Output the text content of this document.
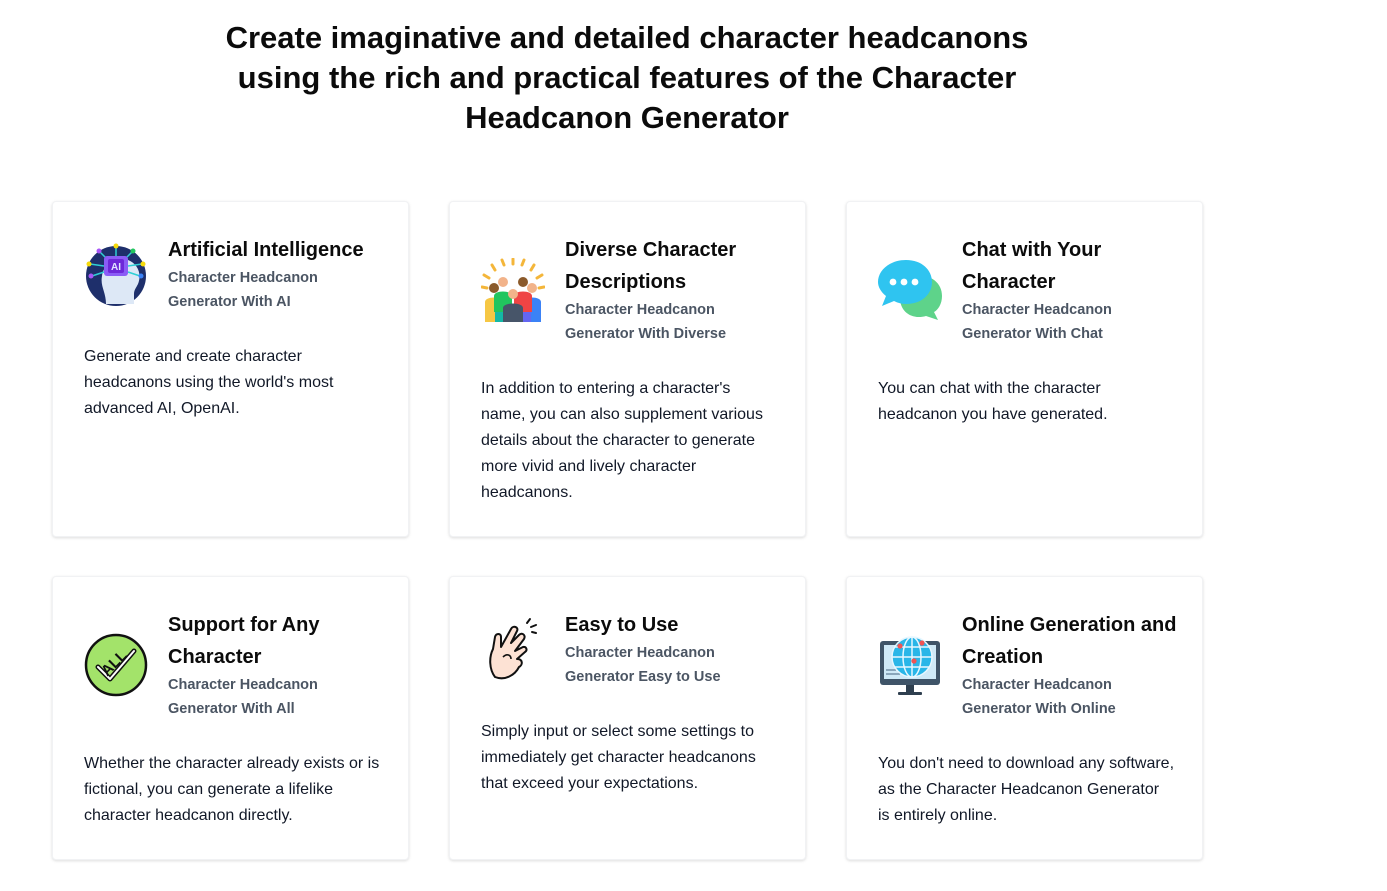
Create imaginative and detailed character headcanons using the rich and practical features of the Character Headcanon Generator
AI
Artificial Intelligence
Character Headcanon Generator With AI

Generate and create character headcanons using the world's most advanced AI, OpenAI.

Diverse Character Descriptions
Character Headcanon Generator With Diverse

In addition to entering a character's name, you can also supplement various details about the character to generate more vivid and lively character headcanons.

Chat with Your Character
Character Headcanon Generator With Chat

You can chat with the character headcanon you have generated.

ALL
Support for Any Character
Character Headcanon Generator With All

Whether the character already exists or is fictional, you can generate a lifelike character headcanon directly.

Easy to Use
Character Headcanon Generator Easy to Use

Simply input or select some settings to immediately get character headcanons that exceed your expectations.

Online Generation and Creation
Character Headcanon Generator With Online

You don't need to download any software, as the Character Headcanon Generator is entirely online.
